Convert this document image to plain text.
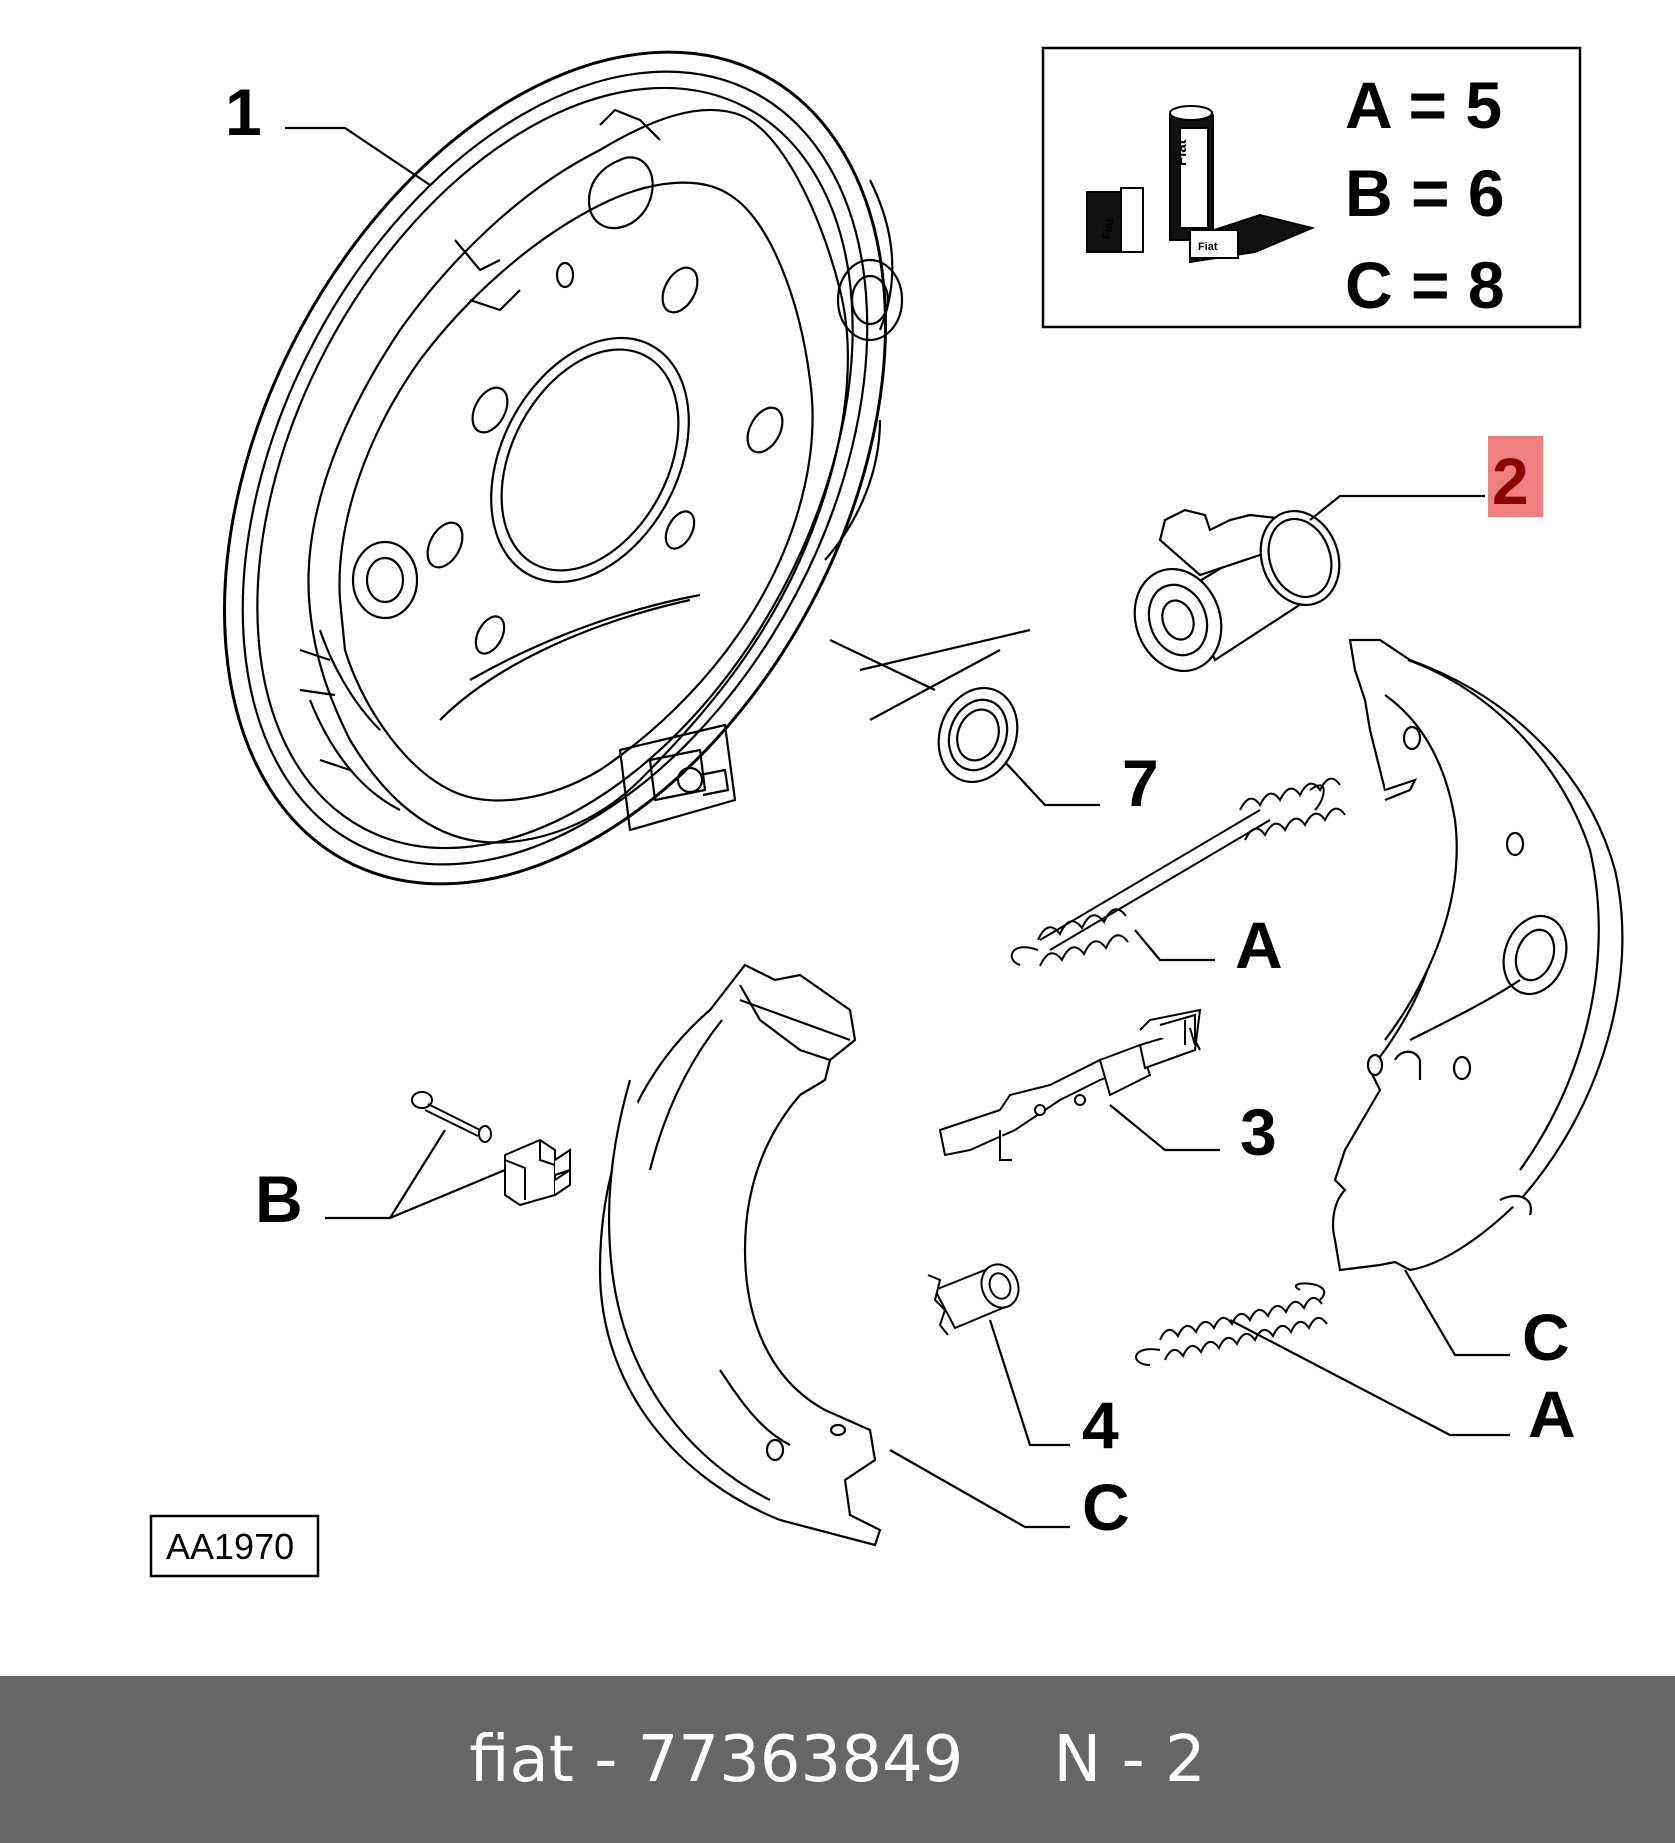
Fiat
Fiat
Fiat
A = 5
B = 6
C = 8
1
2
7
A
3
B
C
A
4
C
AA1970
fiat - 77363849 N - 2
